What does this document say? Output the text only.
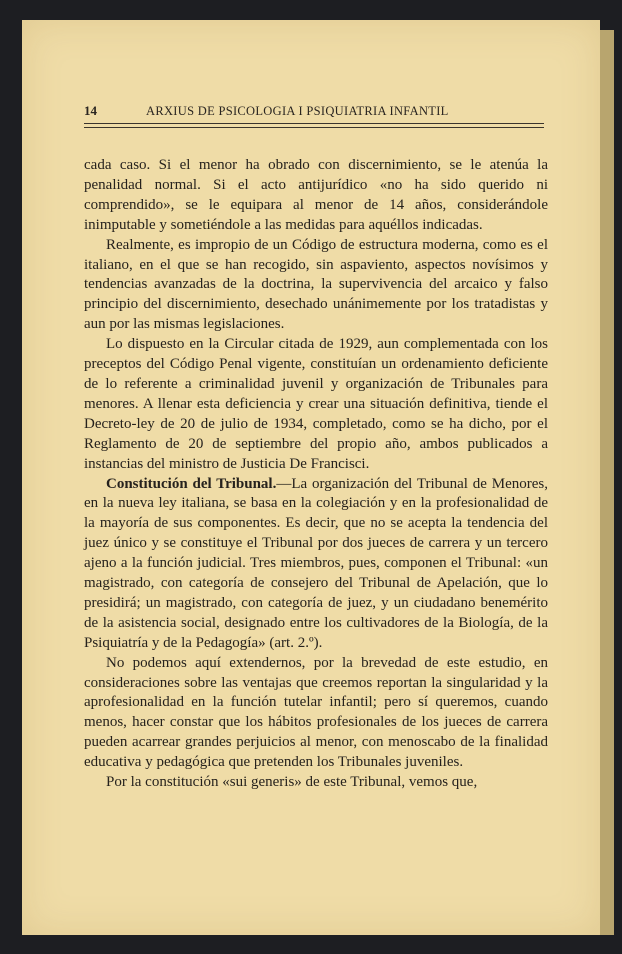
14	ARXIUS DE PSICOLOGIA I PSIQUIATRIA INFANTIL

cada caso. Si el menor ha obrado con discernimiento, se le atenúa la penalidad normal. Si el acto antijurídico «no ha sido querido ni comprendido», se le equipara al menor de 14 años, considerándole inimputable y sometiéndole a las medidas para aquéllos indicadas.

Realmente, es impropio de un Código de estructura moderna, como es el italiano, en el que se han recogido, sin aspaviento, aspectos novísimos y tendencias avanzadas de la doctrina, la supervivencia del arcaico y falso principio del discernimiento, desechado unánimemente por los tratadistas y aun por las mismas legislaciones.

Lo dispuesto en la Circular citada de 1929, aun complementada con los preceptos del Código Penal vigente, constituían un ordenamiento deficiente de lo referente a criminalidad juvenil y organización de Tribunales para menores. A llenar esta deficiencia y crear una situación definitiva, tiende el Decreto-ley de 20 de julio de 1934, completado, como se ha dicho, por el Reglamento de 20 de septiembre del propio año, ambos publicados a instancias del ministro de Justicia De Francisci.

Constitución del Tribunal.—La organización del Tribunal de Menores, en la nueva ley italiana, se basa en la colegiación y en la profesionalidad de la mayoría de sus componentes. Es decir, que no se acepta la tendencia del juez único y se constituye el Tribunal por dos jueces de carrera y un tercero ajeno a la función judicial. Tres miembros, pues, componen el Tribunal: «un magistrado, con categoría de consejero del Tribunal de Apelación, que lo presidirá; un magistrado, con categoría de juez, y un ciudadano benemérito de la asistencia social, designado entre los cultivadores de la Biología, de la Psiquiatría y de la Pedagogía» (art. 2.º).

No podemos aquí extendernos, por la brevedad de este estudio, en consideraciones sobre las ventajas que creemos reportan la singularidad y la aprofesionalidad en la función tutelar infantil; pero sí queremos, cuando menos, hacer constar que los hábitos profesionales de los jueces de carrera pueden acarrear grandes perjuicios al menor, con menoscabo de la finalidad educativa y pedagógica que pretenden los Tribunales juveniles.

Por la constitución «sui generis» de este Tribunal, vemos que,
